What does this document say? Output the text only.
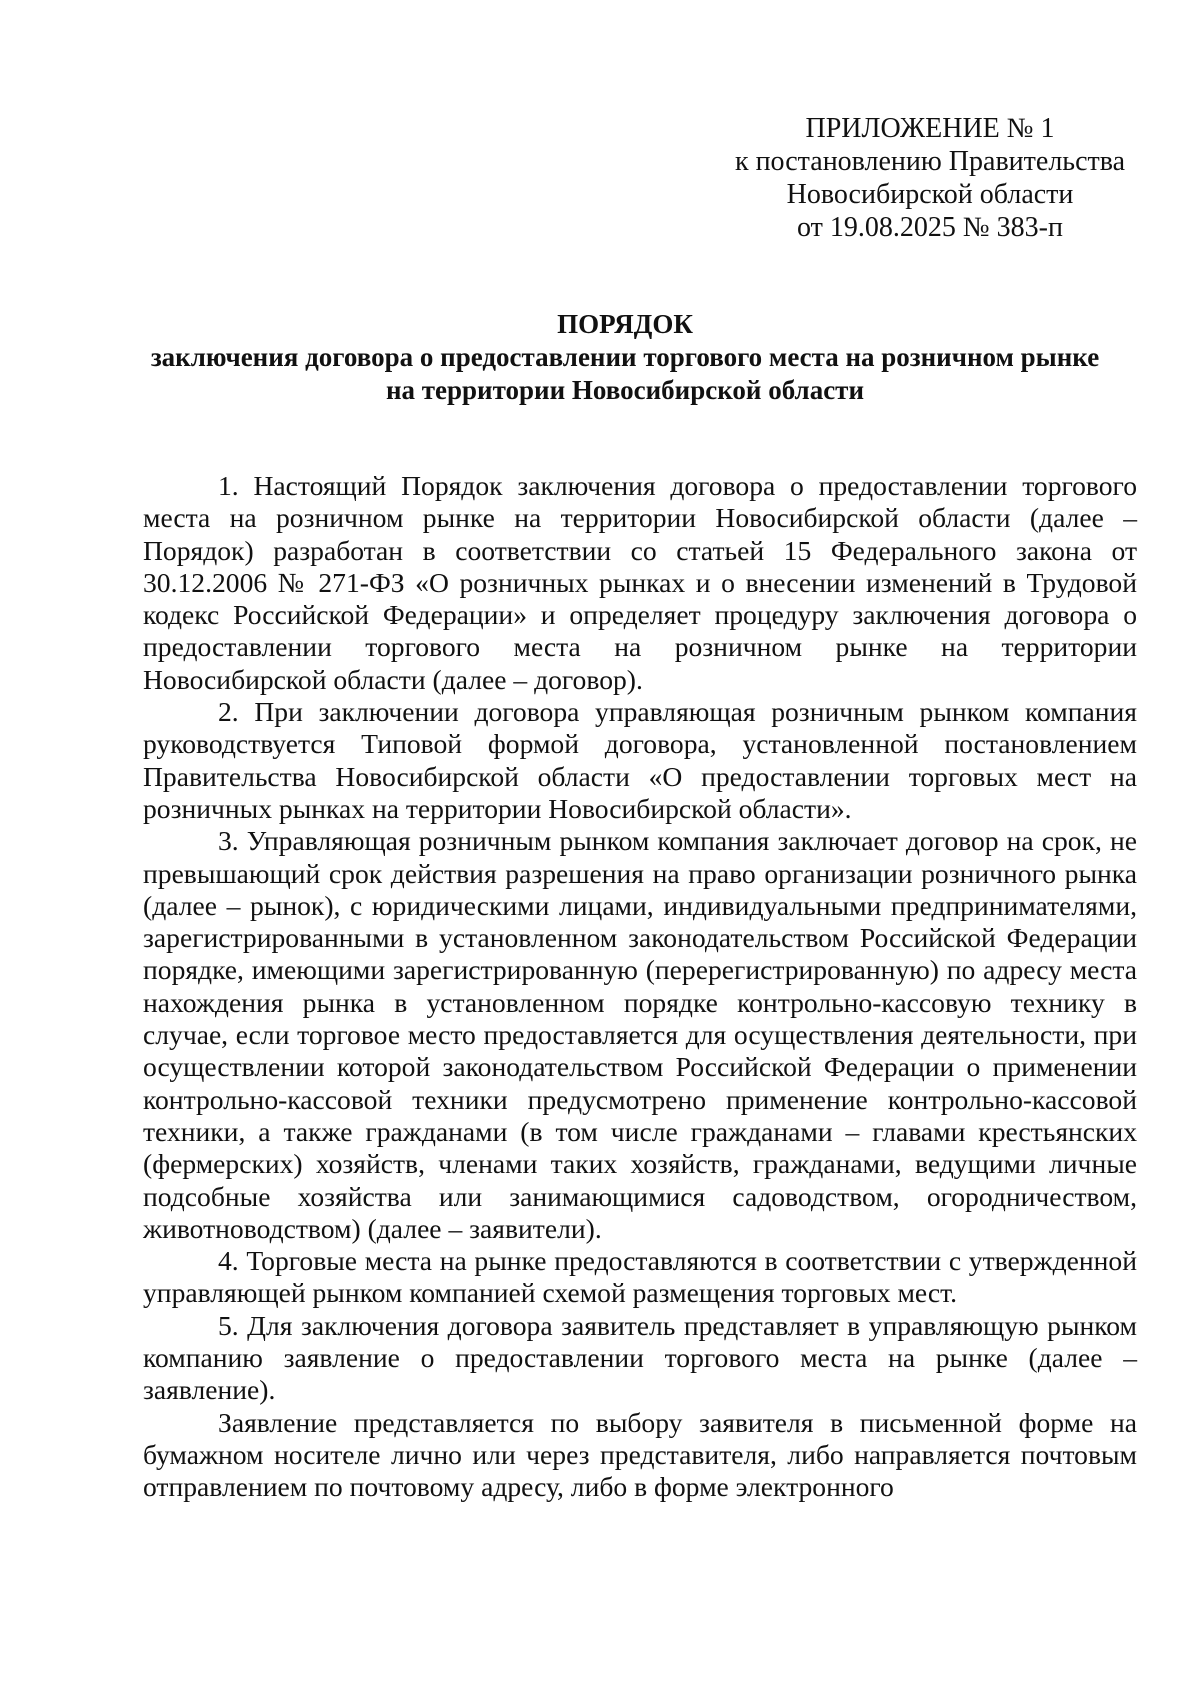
ПРИЛОЖЕНИЕ № 1
к постановлению Правительства
Новосибирской области
от 19.08.2025 № 383-п
ПОРЯДОК
заключения договора о предоставлении торгового места на розничном рынке
на территории Новосибирской области

1. Настоящий Порядок заключения договора о предоставлении торгового места на розничном рынке на территории Новосибирской области (далее – Порядок) разработан в соответствии со статьей 15 Федерального закона от 30.12.2006 № 271-ФЗ «О розничных рынках и о внесении изменений в Трудовой кодекс Российской Федерации» и определяет процедуру заключения договора о предоставлении торгового места на розничном рынке на территории Новосибирской области (далее – договор).

2. При заключении договора управляющая розничным рынком компания руководствуется Типовой формой договора, установленной постановлением Правительства Новосибирской области «О предоставлении торговых мест на розничных рынках на территории Новосибирской области».

3. Управляющая розничным рынком компания заключает договор на срок, не превышающий срок действия разрешения на право организации розничного рынка (далее – рынок), с юридическими лицами, индивидуальными предпринимателями, зарегистрированными в установленном законодательством Российской Федерации порядке, имеющими зарегистрированную (перерегистрированную) по адресу места нахождения рынка в установленном порядке контрольно-кассовую технику в случае, если торговое место предоставляется для осуществления деятельности, при осуществлении которой законодательством Российской Федерации о применении контрольно-кассовой техники предусмотрено применение контрольно-кассовой техники, а также гражданами (в том числе гражданами – главами крестьянских (фермерских) хозяйств, членами таких хозяйств, гражданами, ведущими личные подсобные хозяйства или занимающимися садоводством, огородничеством, животноводством) (далее – заявители).

4. Торговые места на рынке предоставляются в соответствии с утвержденной управляющей рынком компанией схемой размещения торговых мест.

5. Для заключения договора заявитель представляет в управляющую рынком компанию заявление о предоставлении торгового места на рынке (далее – заявление).

Заявление представляется по выбору заявителя в письменной форме на бумажном носителе лично или через представителя, либо направляется почтовым отправлением по почтовому адресу, либо в форме электронного
